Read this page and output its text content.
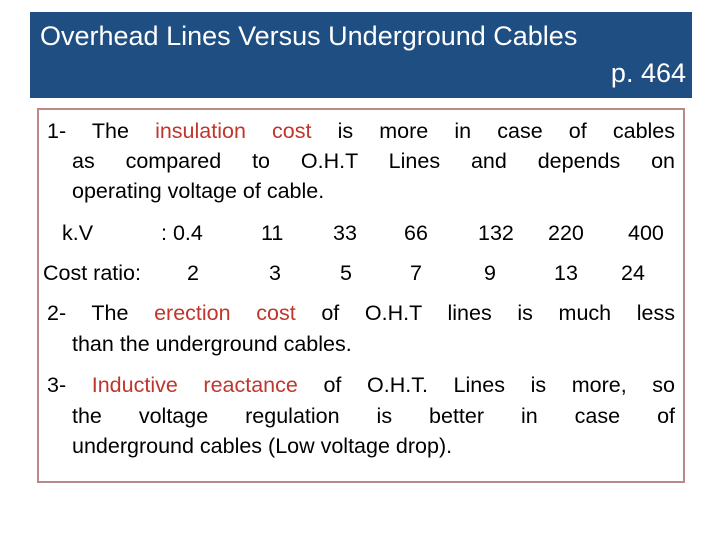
Overhead Lines Versus Underground Cables
p. 464
1- The insulation cost is more in case of cables
as compared to O.H.T Lines and depends on
operating voltage of cable.
k.V	: 0.4	11 33 66 132 220 400
Cost ratio: 2	3	5	7	9	13 24
2- The erection cost of O.H.T lines is much less
than the underground cables.
3- Inductive reactance of O.H.T. Lines is more, so
the voltage regulation is better in case of
underground cables (Low voltage drop).
